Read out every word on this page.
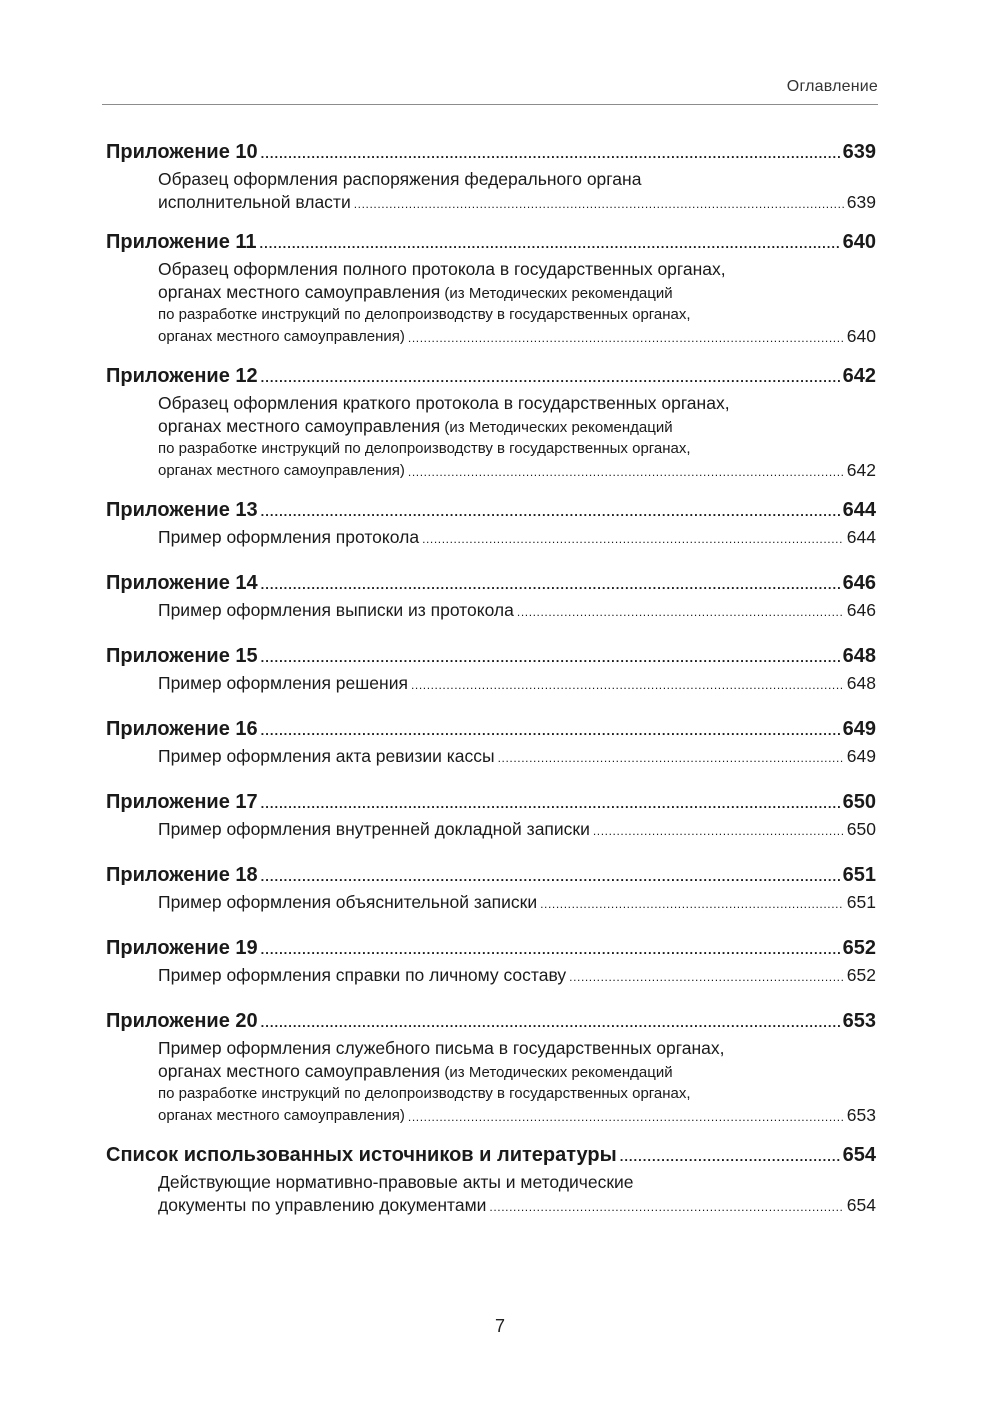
Оглавление
Приложение 10 .....	639
Образец оформления распоряжения федерального органа
исполнительной власти .....	639
Приложение 11 .....	640
Образец оформления полного протокола в государственных органах,
органах местного самоуправления (из Методических рекомендаций
по разработке инструкций по делопроизводству в государственных органах,
органах местного самоуправления) .....	640
Приложение 12 .....	642
Образец оформления краткого протокола в государственных органах,
органах местного самоуправления (из Методических рекомендаций
по разработке инструкций по делопроизводству в государственных органах,
органах местного самоуправления) .....	642
Приложение 13 .....	644
Пример оформления протокола .....	644
Приложение 14 .....	646
Пример оформления выписки из протокола .....	646
Приложение 15 .....	648
Пример оформления решения .....	648
Приложение 16 .....	649
Пример оформления акта ревизии кассы .....	649
Приложение 17 .....	650
Пример оформления внутренней докладной записки .....	650
Приложение 18 .....	651
Пример оформления объяснительной записки .....	651
Приложение 19 .....	652
Пример оформления справки по личному составу .....	652
Приложение 20 .....	653
Пример оформления служебного письма в государственных органах,
органах местного самоуправления (из Методических рекомендаций
по разработке инструкций по делопроизводству в государственных органах,
органах местного самоуправления) .....	653
Список использованных источников и литературы .....	654
Действующие нормативно-правовые акты и методические
документы по управлению документами .....	654
7
